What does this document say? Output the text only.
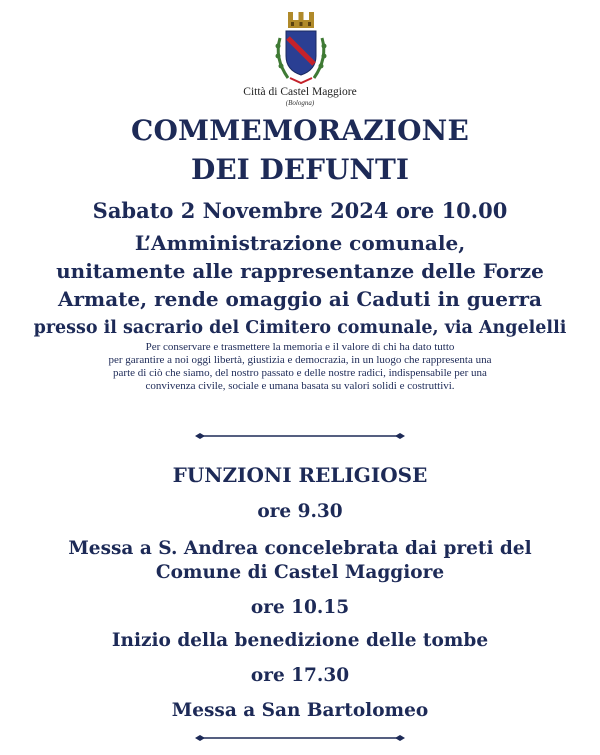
Città di Castel Maggiore
(Bologna)
COMMEMORAZIONE
DEI DEFUNTI
Sabato 2 Novembre 2024 ore 10.00
L’Amministrazione comunale,
unitamente alle rappresentanze delle Forze
Armate, rende omaggio ai Caduti in guerra
presso il sacrario del Cimitero comunale, via Angelelli

Per conservare e trasmettere la memoria e il valore di chi ha dato tutto

per garantire a noi oggi libertà, giustizia e democrazia, in un luogo che rappresenta una

parte di ciò che siamo, del nostro passato e delle nostre radici, indispensabile per una

convivenza civile, sociale e umana basata su valori solidi e costruttivi.

FUNZIONI RELIGIOSE
ore 9.30
Messa a S. Andrea concelebrata dai preti del
Comune di Castel Maggiore
ore 10.15
Inizio della benedizione delle tombe
ore 17.30
Messa a San Bartolomeo
